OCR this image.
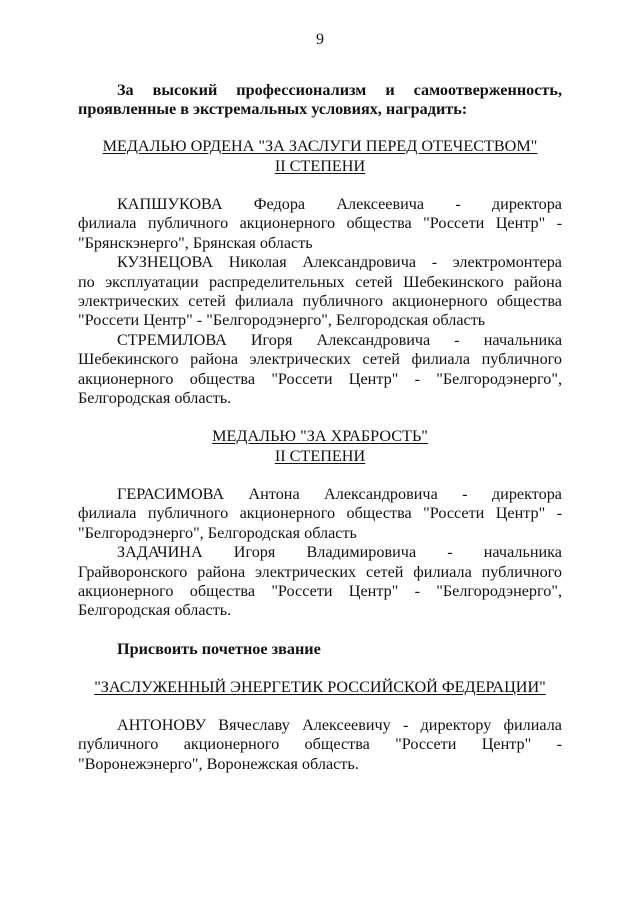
9

За высокий профессионализм и самоотверженность,

проявленные в экстремальных условиях, наградить:

МЕДАЛЬЮ ОРДЕНА "ЗА ЗАСЛУГИ ПЕРЕД ОТЕЧЕСТВОМ"
II СТЕПЕНИ

КАПШУКОВА Федора Алексеевича - директора

филиала публичного акционерного общества "Россети Центр" -

"Брянскэнерго", Брянская область

КУЗНЕЦОВА Николая Александровича - электромонтера

по эксплуатации распределительных сетей Шебекинского района

электрических сетей филиала публичного акционерного общества

"Россети Центр" - "Белгородэнерго", Белгородская область

СТРЕМИЛОВА Игоря Александровича - начальника

Шебекинского района электрических сетей филиала публичного

акционерного общества "Россети Центр" - "Белгородэнерго",

Белгородская область.

МЕДАЛЬЮ "ЗА ХРАБРОСТЬ"
II СТЕПЕНИ

ГЕРАСИМОВА Антона Александровича - директора

филиала публичного акционерного общества "Россети Центр" -

"Белгородэнерго", Белгородская область

ЗАДАЧИНА Игоря Владимировича - начальника

Грайворонского района электрических сетей филиала публичного

акционерного общества "Россети Центр" - "Белгородэнерго",

Белгородская область.

Присвоить почетное звание

"ЗАСЛУЖЕННЫЙ ЭНЕРГЕТИК РОССИЙСКОЙ ФЕДЕРАЦИИ"

АНТОНОВУ Вячеславу Алексеевичу - директору филиала

публичного акционерного общества "Россети Центр" -

"Воронежэнерго", Воронежская область.
